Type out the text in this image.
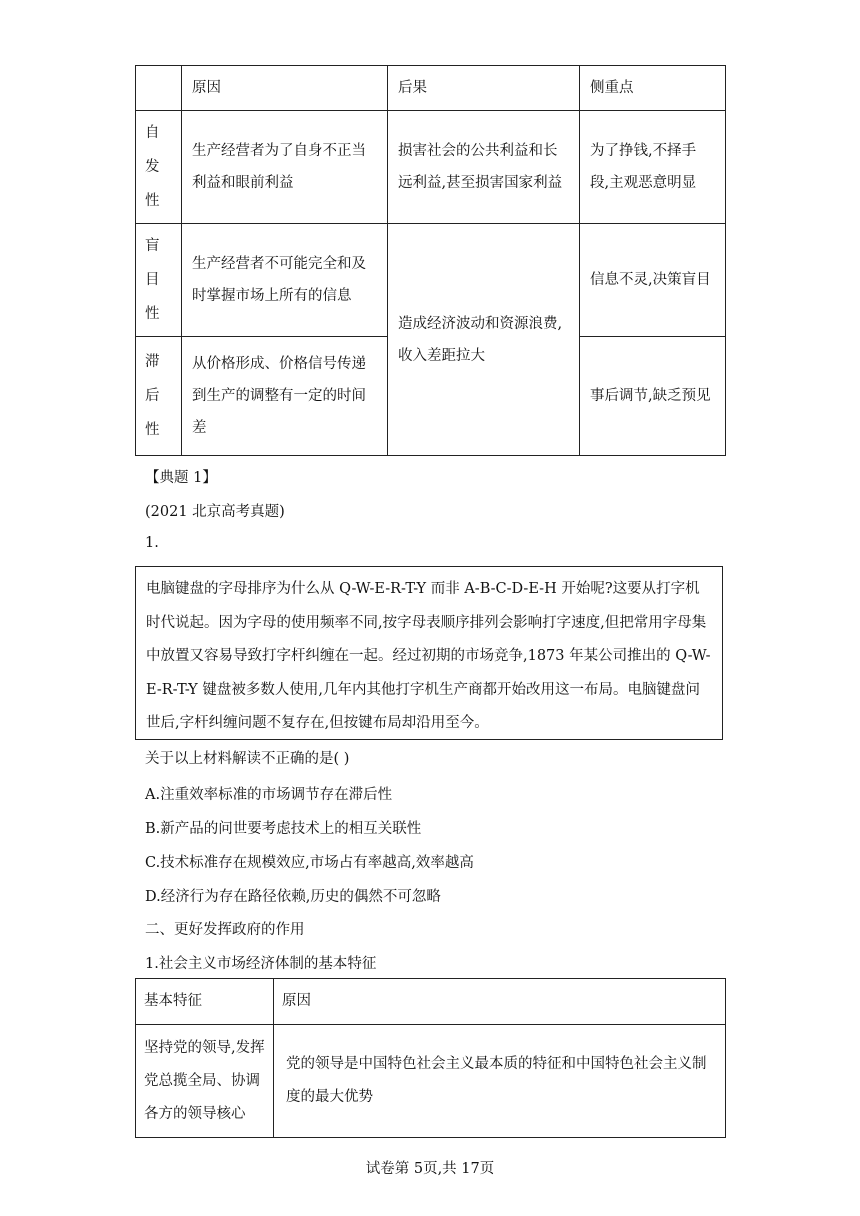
	原因	后果	侧重点
自
发
性	生产经营者为了自身不正当利益和眼前利益	损害社会的公共利益和长远利益,甚至损害国家利益	为了挣钱,不择手段,主观恶意明显
盲
目
性	生产经营者不可能完全和及时掌握市场上所有的信息	造成经济波动和资源浪费,收入差距拉大	信息不灵,决策盲目
滞
后
性	从价格形成、价格信号传递到生产的调整有一定的时间差		事后调节,缺乏预见
【典题 1】
(2021 北京高考真题)
1.
电脑键盘的字母排序为什么从 Q-W-E-R-T-Y 而非 A-B-C-D-E-H 开始呢?这要从打字机时代说起。因为字母的使用频率不同,按字母表顺序排列会影响打字速度,但把常用字母集中放置又容易导致打字杆纠缠在一起。经过初期的市场竞争,1873 年某公司推出的 Q-W-E-R-T-Y 键盘被多数人使用,几年内其他打字机生产商都开始改用这一布局。电脑键盘问世后,字杆纠缠问题不复存在,但按键布局却沿用至今。
关于以上材料解读不正确的是( )
A.注重效率标准的市场调节存在滞后性
B.新产品的问世要考虑技术上的相互关联性
C.技术标准存在规模效应,市场占有率越高,效率越高
D.经济行为存在路径依赖,历史的偶然不可忽略
二、更好发挥政府的作用
1.社会主义市场经济体制的基本特征
基本特征	原因
坚持党的领导,发挥党总揽全局、协调各方的领导核心	党的领导是中国特色社会主义最本质的特征和中国特色社会主义制度的最大优势
试卷第 5页,共 17页
